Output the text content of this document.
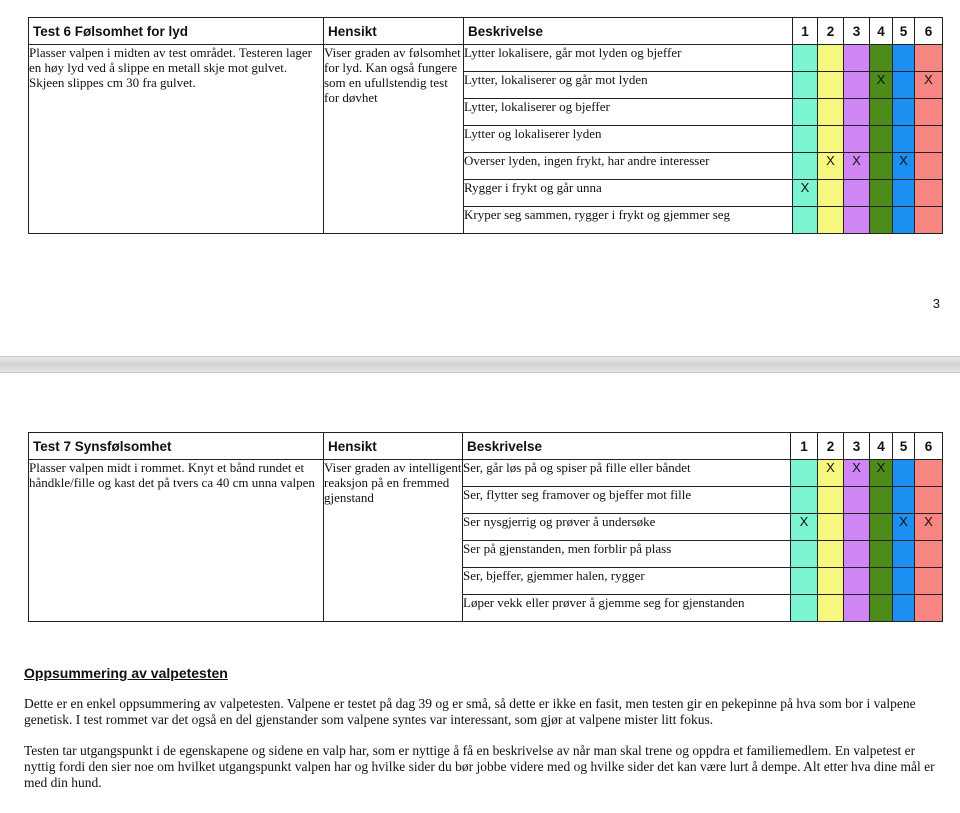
Test 6 Følsomhet for lyd	Hensikt	Beskrivelse	1	2	3	4	5	6
Plasser valpen i midten av test området. Testeren lager en høy lyd ved å slippe en metall skje mot gulvet. Skjeen slippes cm 30 fra gulvet.	Viser graden av følsomhet for lyd. Kan også fungere som en ufullstendig test for døvhet	Lytter lokalisere, går mot lyden og bjeffer						
		Lytter, lokaliserer og går mot lyden				X		X
		Lytter, lokaliserer og bjeffer						
		Lytter og lokaliserer lyden						
		Overser lyden, ingen frykt, har andre interesser		X	X		X	
		Rygger i frykt og går unna	X					
		Kryper seg sammen, rygger i frykt og gjemmer seg						
3
Test 7 Synsfølsomhet	Hensikt	Beskrivelse	1	2	3	4	5	6
Plasser valpen midt i rommet. Knyt et bånd rundet et håndkle/fille og kast det på tvers ca 40 cm unna valpen	Viser graden av intelligent reaksjon på en fremmed gjenstand	Ser, går løs på og spiser på fille eller båndet		X	X	X		
		Ser, flytter seg framover og bjeffer mot fille						
		Ser nysgjerrig og prøver å undersøke	X				X	X
		Ser på gjenstanden, men forblir på plass						
		Ser, bjeffer, gjemmer halen, rygger						
		Løper vekk eller prøver å gjemme seg for gjenstanden						
Oppsummering av valpetesten

Dette er en enkel oppsummering av valpetesten. Valpene er testet på dag 39 og er små, så dette er ikke en fasit, men testen gir en pekepinne på hva som bor i valpene genetisk. I test rommet var det også en del gjenstander som valpene syntes var interessant, som gjør at valpene mister litt fokus.

Testen tar utgangspunkt i de egenskapene og sidene en valp har, som er nyttige å få en beskrivelse av når man skal trene og oppdra et familiemedlem. En valpetest er nyttig fordi den sier noe om hvilket utgangspunkt valpen har og hvilke sider du bør jobbe videre med og hvilke sider det kan være lurt å dempe. Alt etter hva dine mål er med din hund.
